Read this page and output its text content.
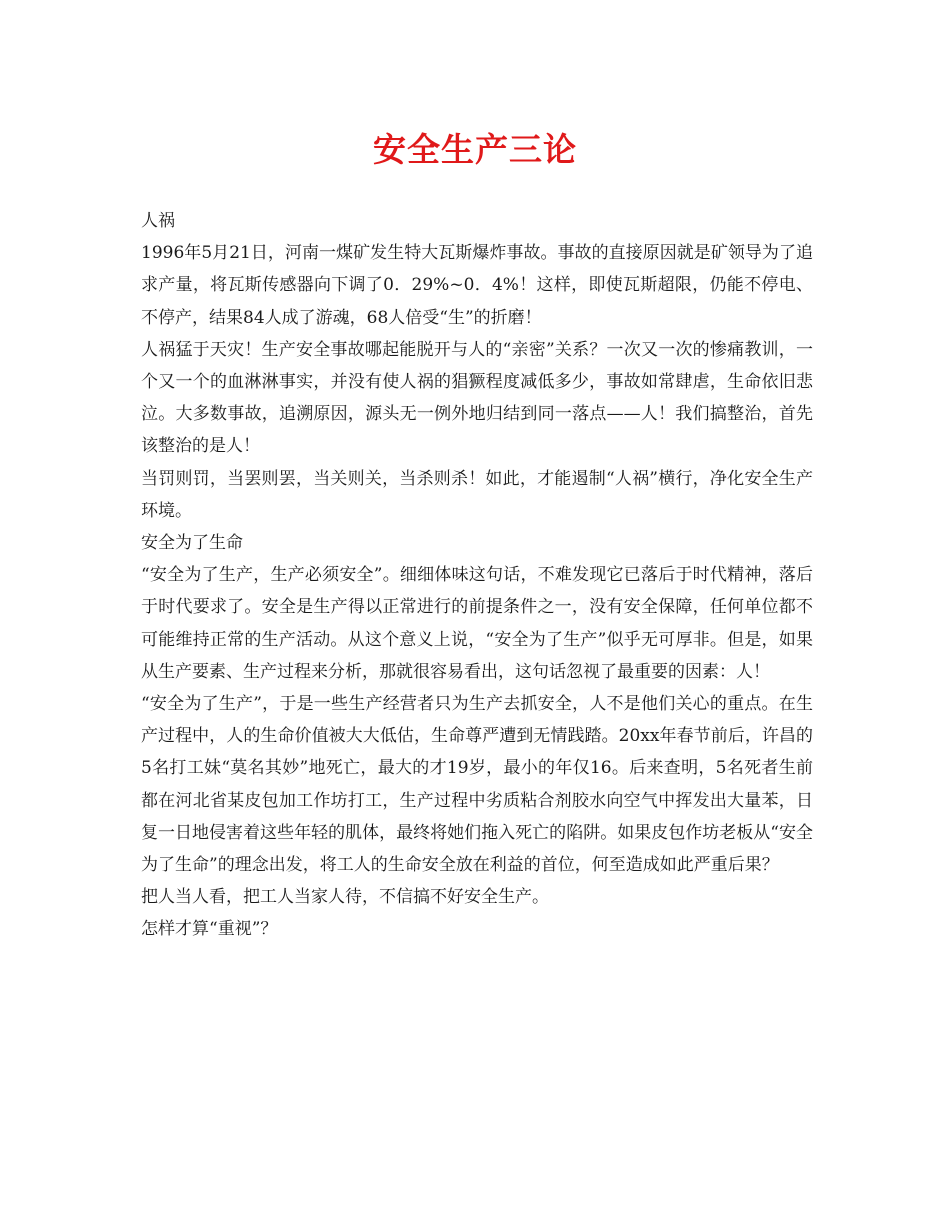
安全生产三论

人祸

1996年5月21日，河南一煤矿发生特大瓦斯爆炸事故。事故的直接原因就是矿领导为了追求产量，将瓦斯传感器向下调了0．29%~0．4%！这样，即使瓦斯超限，仍能不停电、不停产，结果84人成了游魂，68人倍受“生”的折磨！

人祸猛于天灾！生产安全事故哪起能脱开与人的“亲密”关系？一次又一次的惨痛教训，一个又一个的血淋淋事实，并没有使人祸的猖獗程度减低多少，事故如常肆虐，生命依旧悲泣。大多数事故，追溯原因，源头无一例外地归结到同一落点——人！我们搞整治，首先该整治的是人！

当罚则罚，当罢则罢，当关则关，当杀则杀！如此，才能遏制“人祸”横行，净化安全生产环境。

安全为了生命

“安全为了生产，生产必须安全”。细细体味这句话，不难发现它已落后于时代精神，落后于时代要求了。安全是生产得以正常进行的前提条件之一，没有安全保障，任何单位都不可能维持正常的生产活动。从这个意义上说，“安全为了生产”似乎无可厚非。但是，如果从生产要素、生产过程来分析，那就很容易看出，这句话忽视了最重要的因素：人！

“安全为了生产”，于是一些生产经营者只为生产去抓安全，人不是他们关心的重点。在生产过程中，人的生命价值被大大低估，生命尊严遭到无情践踏。20xx年春节前后，许昌的5名打工妹“莫名其妙”地死亡，最大的才19岁，最小的年仅16。后来查明，5名死者生前都在河北省某皮包加工作坊打工，生产过程中劣质粘合剂胶水向空气中挥发出大量苯，日复一日地侵害着这些年轻的肌体，最终将她们拖入死亡的陷阱。如果皮包作坊老板从“安全为了生命”的理念出发，将工人的生命安全放在利益的首位，何至造成如此严重后果？

把人当人看，把工人当家人待，不信搞不好安全生产。

怎样才算“重视”？
